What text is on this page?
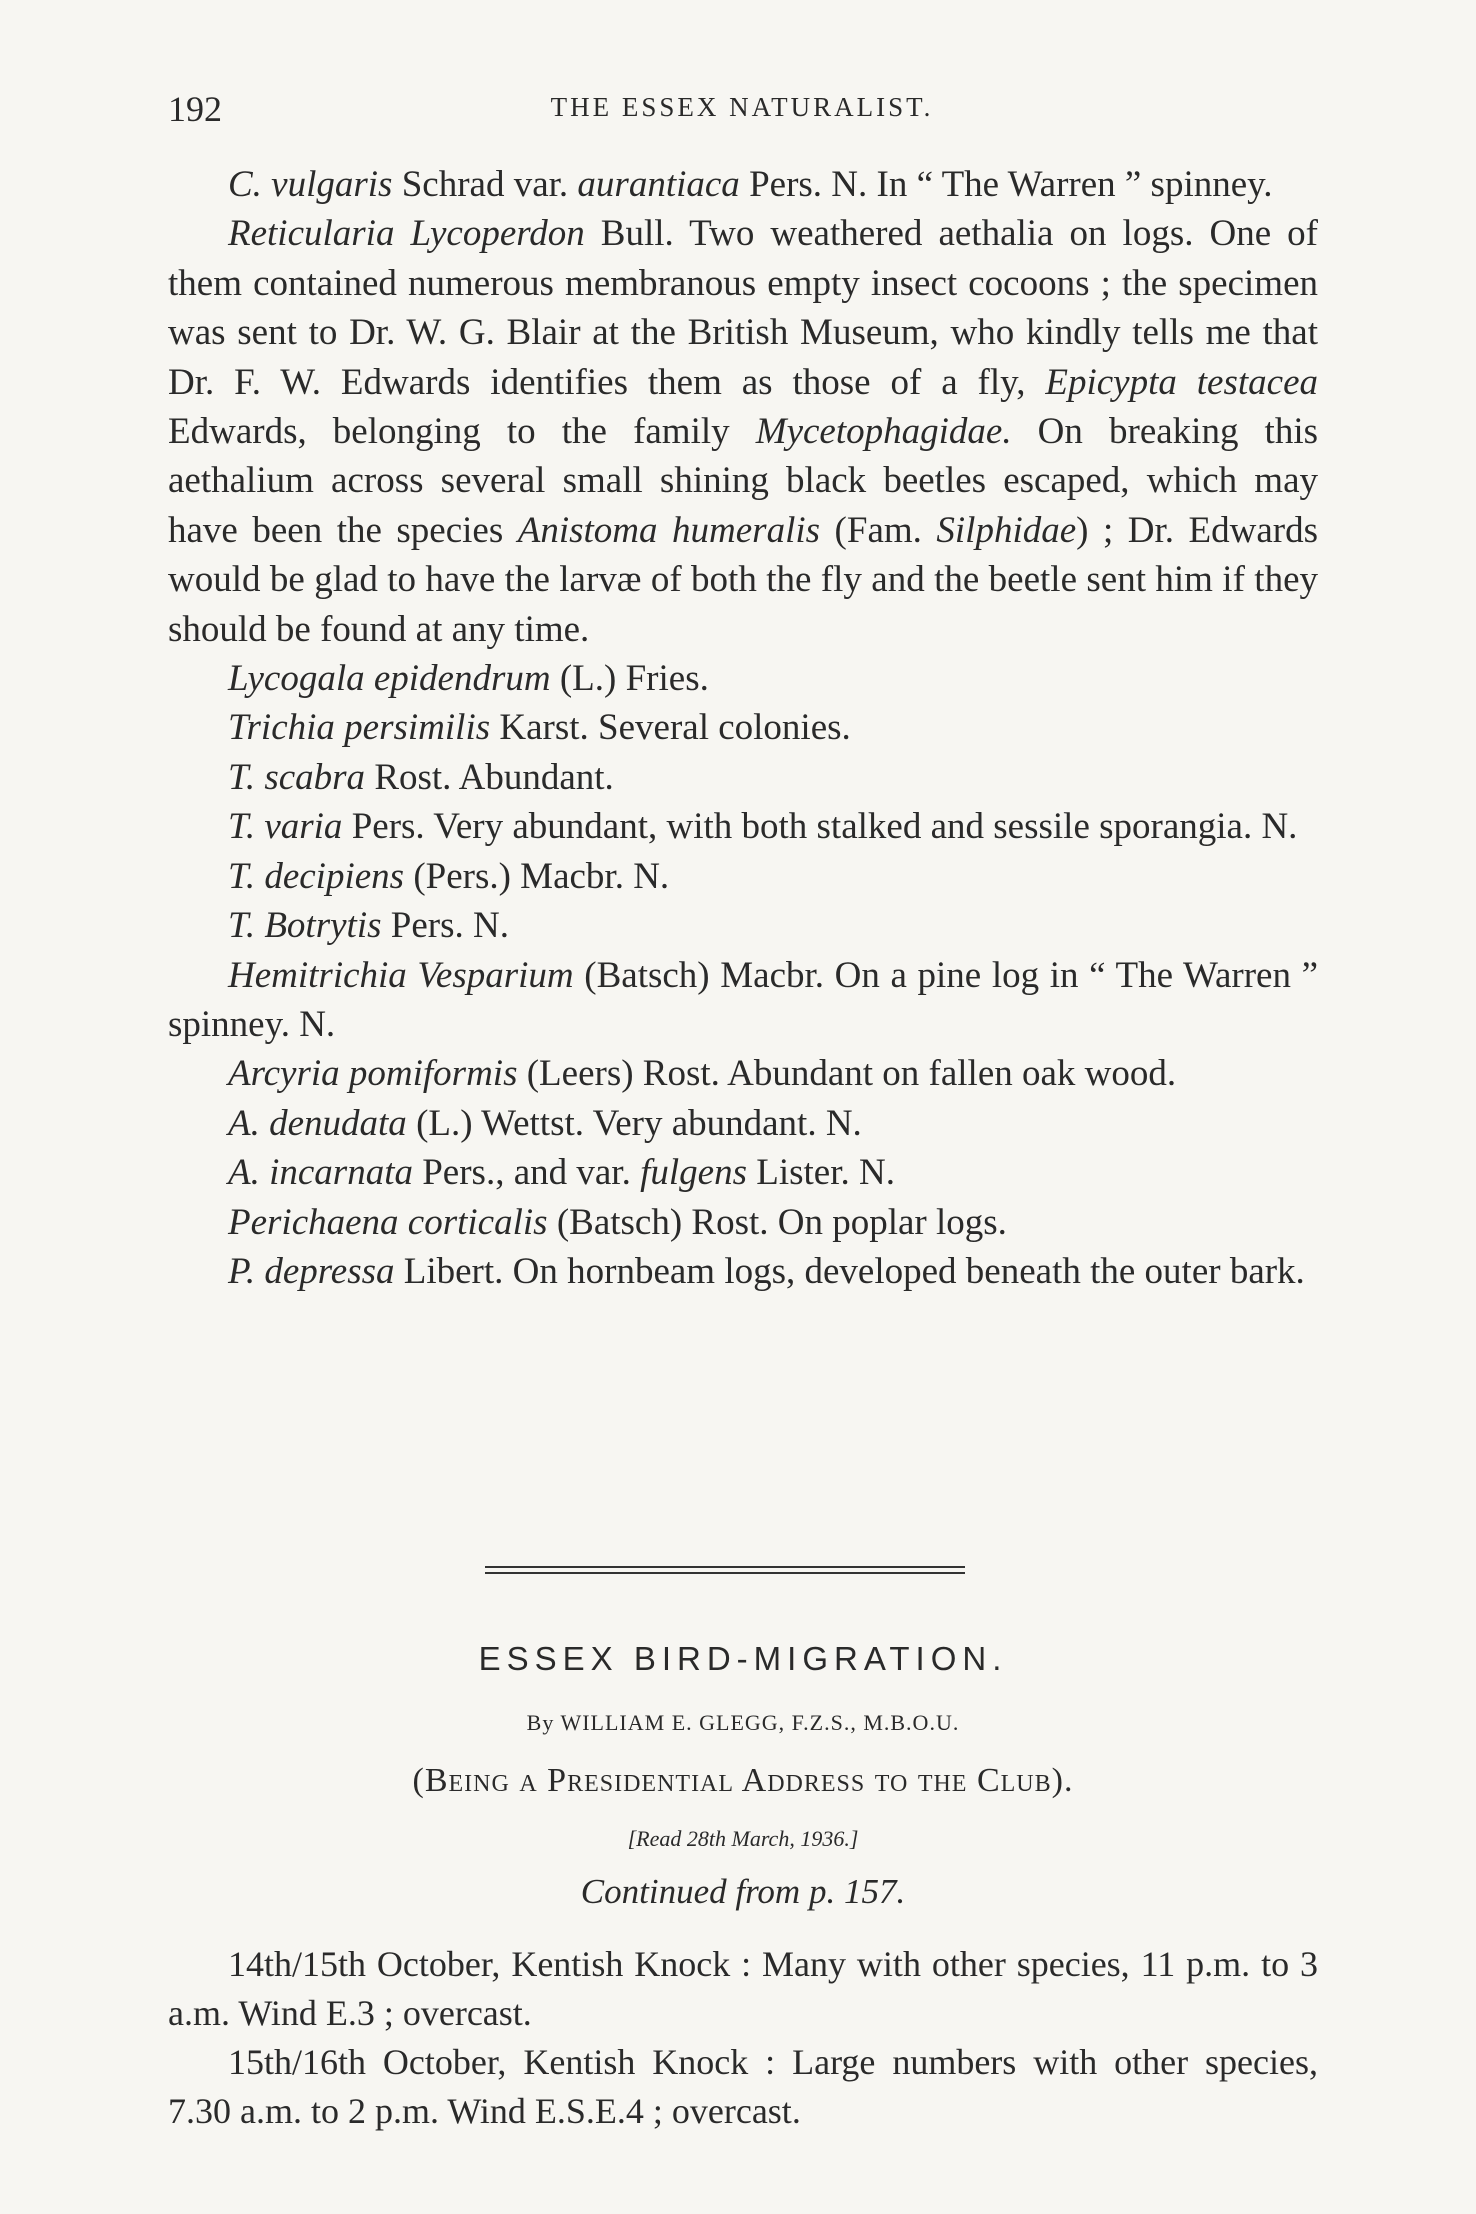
192	THE ESSEX NATURALIST.

C. vulgaris Schrad var. aurantiaca Pers. N. In “ The Warren ” spinney.

Reticularia Lycoperdon Bull. Two weathered aethalia on logs. One of them contained numerous membranous empty insect cocoons ; the specimen was sent to Dr. W. G. Blair at the British Museum, who kindly tells me that Dr. F. W. Edwards identifies them as those of a fly, Epicypta testacea Edwards, belonging to the family Mycetophagidae. On breaking this aethalium across several small shining black beetles escaped, which may have been the species Anistoma humeralis (Fam. Silphidae) ; Dr. Edwards would be glad to have the larvæ of both the fly and the beetle sent him if they should be found at any time.

Lycogala epidendrum (L.) Fries.

Trichia persimilis Karst. Several colonies.

T. scabra Rost. Abundant.

T. varia Pers. Very abundant, with both stalked and sessile sporangia. N.

T. decipiens (Pers.) Macbr. N.

T. Botrytis Pers. N.

Hemitrichia Vesparium (Batsch) Macbr. On a pine log in “ The Warren ” spinney. N.

Arcyria pomiformis (Leers) Rost. Abundant on fallen oak wood.

A. denudata (L.) Wettst. Very abundant. N.

A. incarnata Pers., and var. fulgens Lister. N.

Perichaena corticalis (Batsch) Rost. On poplar logs.

P. depressa Libert. On hornbeam logs, developed beneath the outer bark.

ESSEX BIRD-MIGRATION.
By WILLIAM E. GLEGG, F.Z.S., M.B.O.U.
(Being a Presidential Address to the Club).
[Read 28th March, 1936.]
Continued from p. 157.

14th/15th October, Kentish Knock : Many with other species, 11 p.m. to 3 a.m. Wind E.3 ; overcast.

15th/16th October, Kentish Knock : Large numbers with other species, 7.30 a.m. to 2 p.m. Wind E.S.E.4 ; overcast.
